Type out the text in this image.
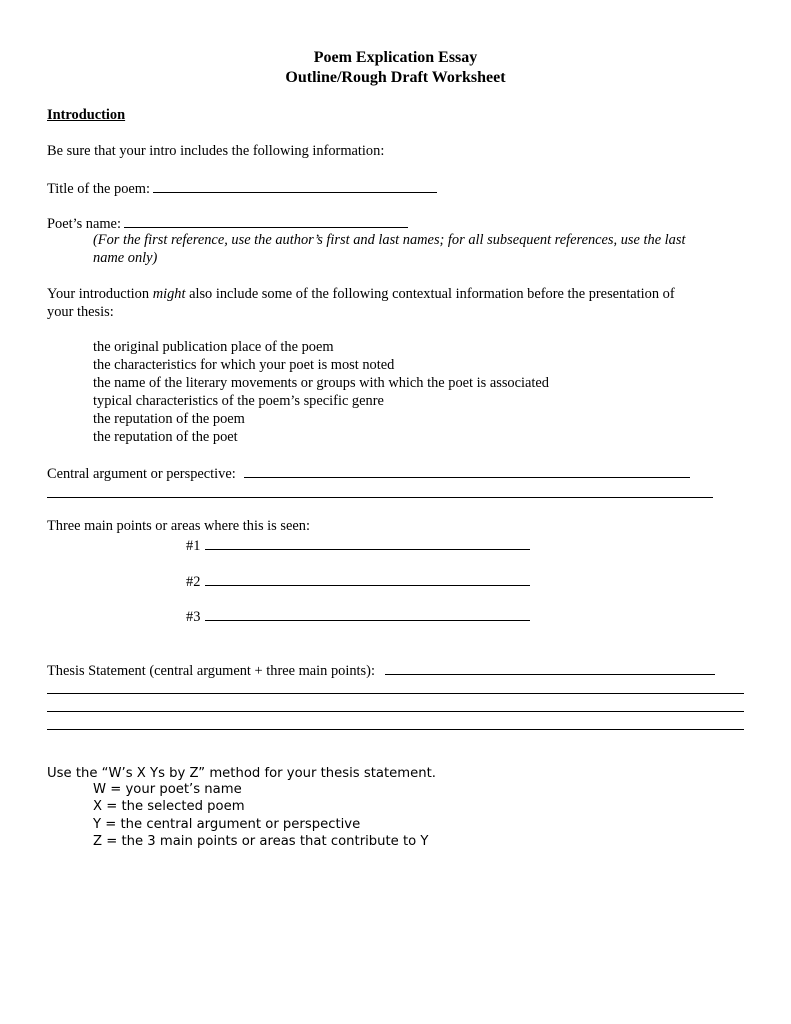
Poem Explication Essay
Outline/Rough Draft Worksheet
Introduction
Be sure that your intro includes the following information:
Title of the poem:
Poet’s name:
(For the first reference, use the author’s first and last names; for all subsequent references, use the last
name only)
Your introduction might also include some of the following contextual information before the presentation of
your thesis:
the original publication place of the poem
the characteristics for which your poet is most noted
the name of the literary movements or groups with which the poet is associated
typical characteristics of the poem’s specific genre
the reputation of the poem
the reputation of the poet
Central argument or perspective:
Three main points or areas where this is seen:
#1
#2
#3
Thesis Statement (central argument + three main points):
Use the “W’s X Ys by Z” method for your thesis statement.
W = your poet’s name
X = the selected poem
Y = the central argument or perspective
Z = the 3 main points or areas that contribute to Y
